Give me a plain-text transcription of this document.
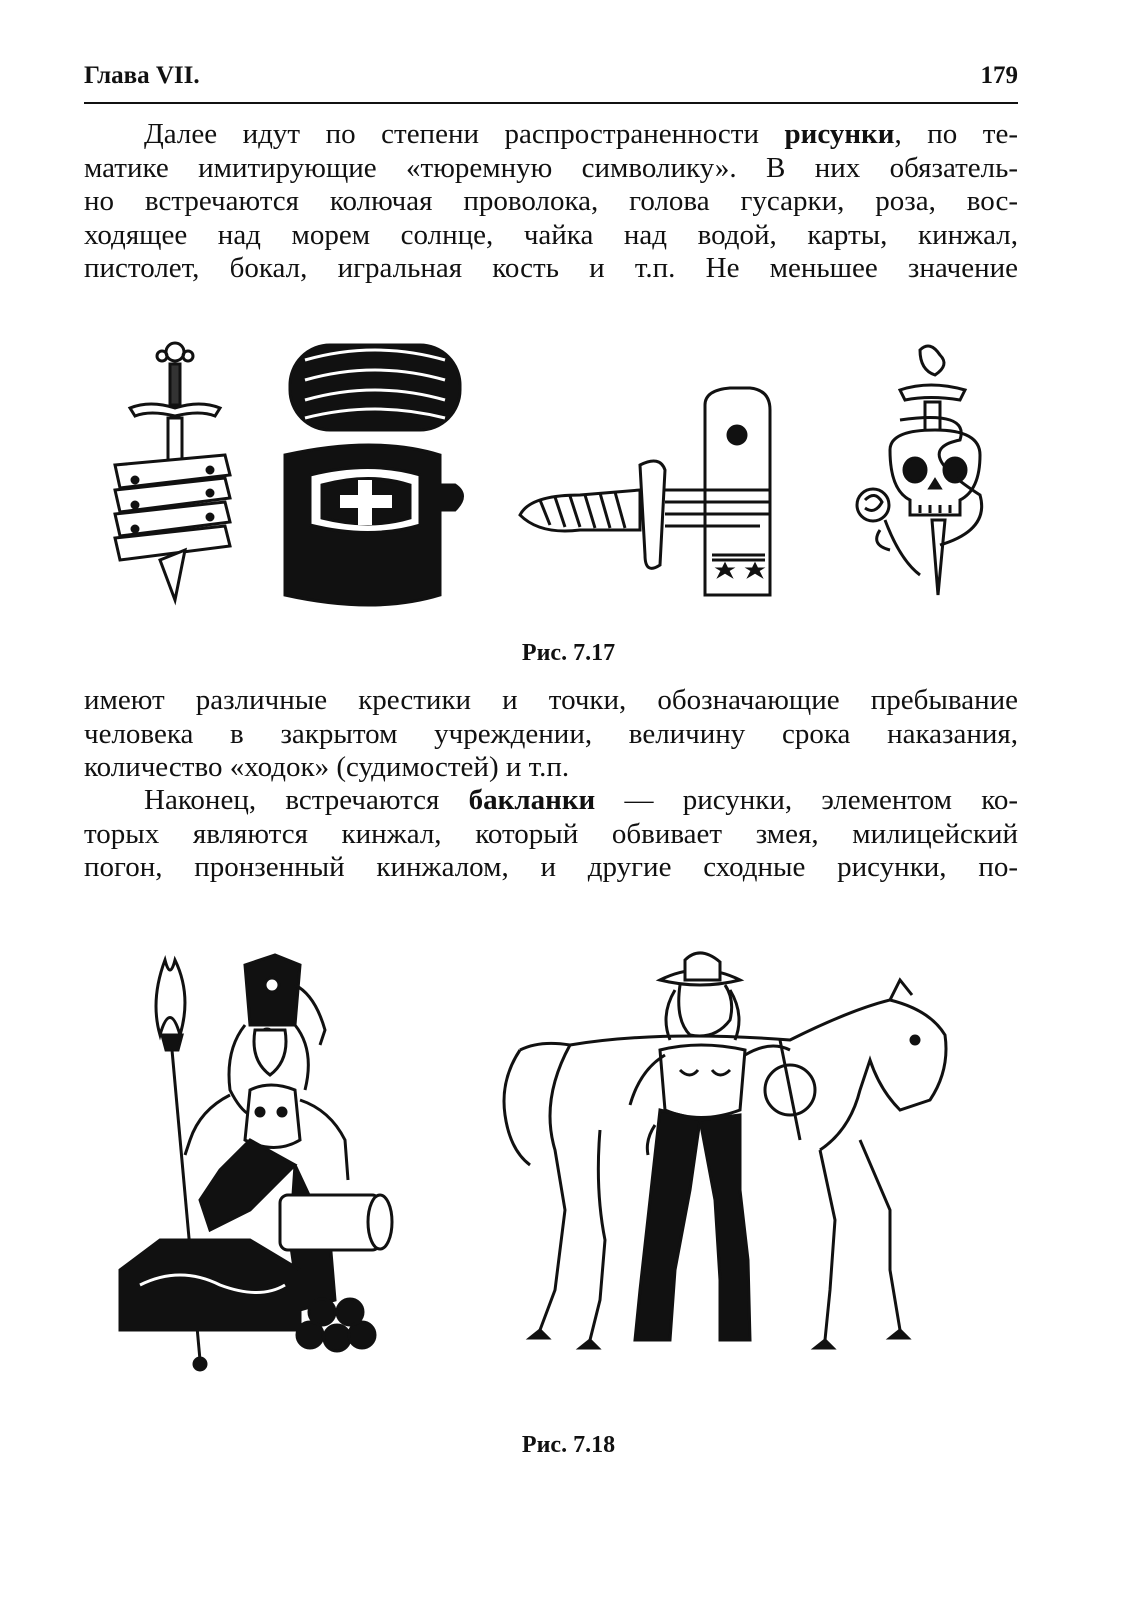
Глава VII.	179
Далее идут по степени распространенности рисунки, по те-
матике имитирующие «тюремную символику». В них обязатель-
но встречаются колючая проволока, голова гусарки, роза, вос-
ходящее над морем солнце, чайка над водой, карты, кинжал,
пистолет, бокал, игральная кость и т.п. Не меньшее значение
Рис. 7.17
имеют различные крестики и точки, обозначающие пребывание
человека в закрытом учреждении, величину срока наказания,
количество «ходок» (судимостей) и т.п.
Наконец, встречаются бакланки — рисунки, элементом ко-
торых являются кинжал, который обвивает змея, милицейский
погон, пронзенный кинжалом, и другие сходные рисунки, по-
Рис. 7.18
